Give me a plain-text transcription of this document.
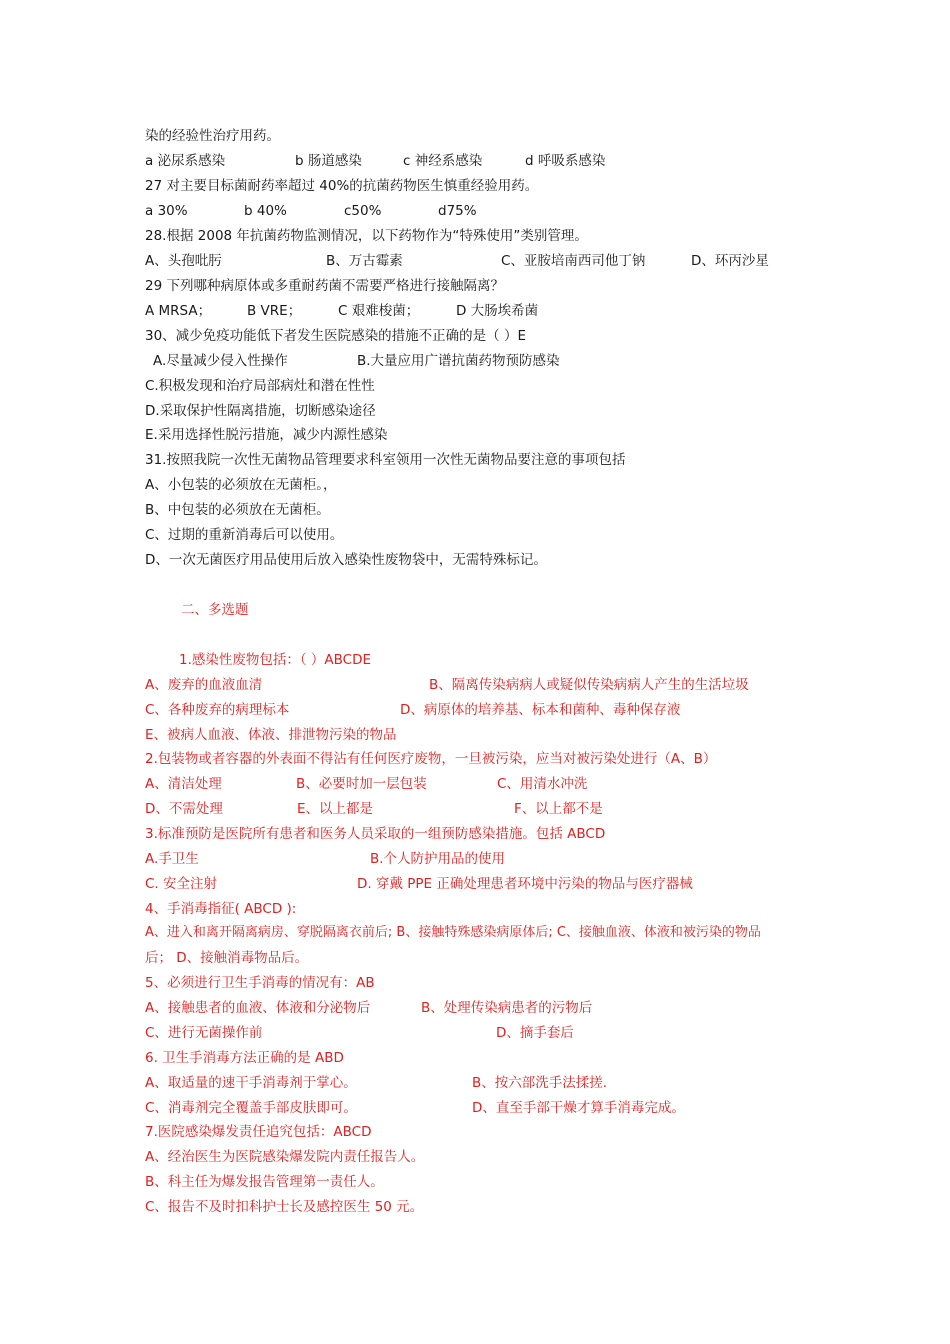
染的经验性治疗用药。
a 泌尿系感染	b 肠道感染	c 神经系感染	d 呼吸系感染
27 对主要目标菌耐药率超过 40%的抗菌药物医生慎重经验用药。
a 30%	b 40%	c50%	d75%
28.根据 2008 年抗菌药物监测情况，以下药物作为“特殊使用”类别管理。
A、头孢吡肟	B、万古霉素	C、亚胺培南西司他丁钠	D、环丙沙星
29 下列哪种病原体或多重耐药菌不需要严格进行接触隔离？
A MRSA；	B VRE；	C 艰难梭菌；	D 大肠埃希菌
30、减少免疫功能低下者发生医院感染的措施不正确的是（ ）E
A.尽量减少侵入性操作	B.大量应用广谱抗菌药物预防感染
C.积极发现和治疗局部病灶和潜在性性
D.采取保护性隔离措施，切断感染途径
E.采用选择性脱污措施，减少内源性感染
31.按照我院一次性无菌物品管理要求科室领用一次性无菌物品要注意的事项包括
A、小包装的必须放在无菌柜。，
B、中包装的必须放在无菌柜。
C、过期的重新消毒后可以使用。
D、一次无菌医疗用品使用后放入感染性废物袋中，无需特殊标记。
二、多选题
1.感染性废物包括：（ ）ABCDE
A、废弃的血液血清	B、隔离传染病病人或疑似传染病病人产生的生活垃圾
C、各种废弃的病理标本	D、病原体的培养基、标本和菌种、毒种保存液
E、被病人血液、体液、排泄物污染的物品
2.包装物或者容器的外表面不得沾有任何医疗废物，一旦被污染，应当对被污染处进行（A、B）
A、清洁处理	B、必要时加一层包装	C、用清水冲洗
D、不需处理	E、以上都是	F、以上都不是
3.标准预防是医院所有患者和医务人员采取的一组预防感染措施。包括 ABCD
A.手卫生	B.个人防护用品的使用
C. 安全注射	D. 穿戴 PPE 正确处理患者环境中污染的物品与医疗器械
4、手消毒指征( ABCD ):
A、进入和离开隔离病房、穿脱隔离衣前后; B、接触特殊感染病原体后; C、接触血液、体液和被污染的物品
后； D、接触消毒物品后。
5、必须进行卫生手消毒的情况有：AB
A、接触患者的血液、体液和分泌物后	B、处理传染病患者的污物后
C、进行无菌操作前	D、摘手套后
6. 卫生手消毒方法正确的是 ABD
A、取适量的速干手消毒剂于掌心。	B、按六部洗手法揉搓.
C、消毒剂完全覆盖手部皮肤即可。	D、直至手部干燥才算手消毒完成。
7.医院感染爆发责任追究包括：ABCD
A、经治医生为医院感染爆发院内责任报告人。
B、科主任为爆发报告管理第一责任人。
C、报告不及时扣科护士长及感控医生 50 元。
